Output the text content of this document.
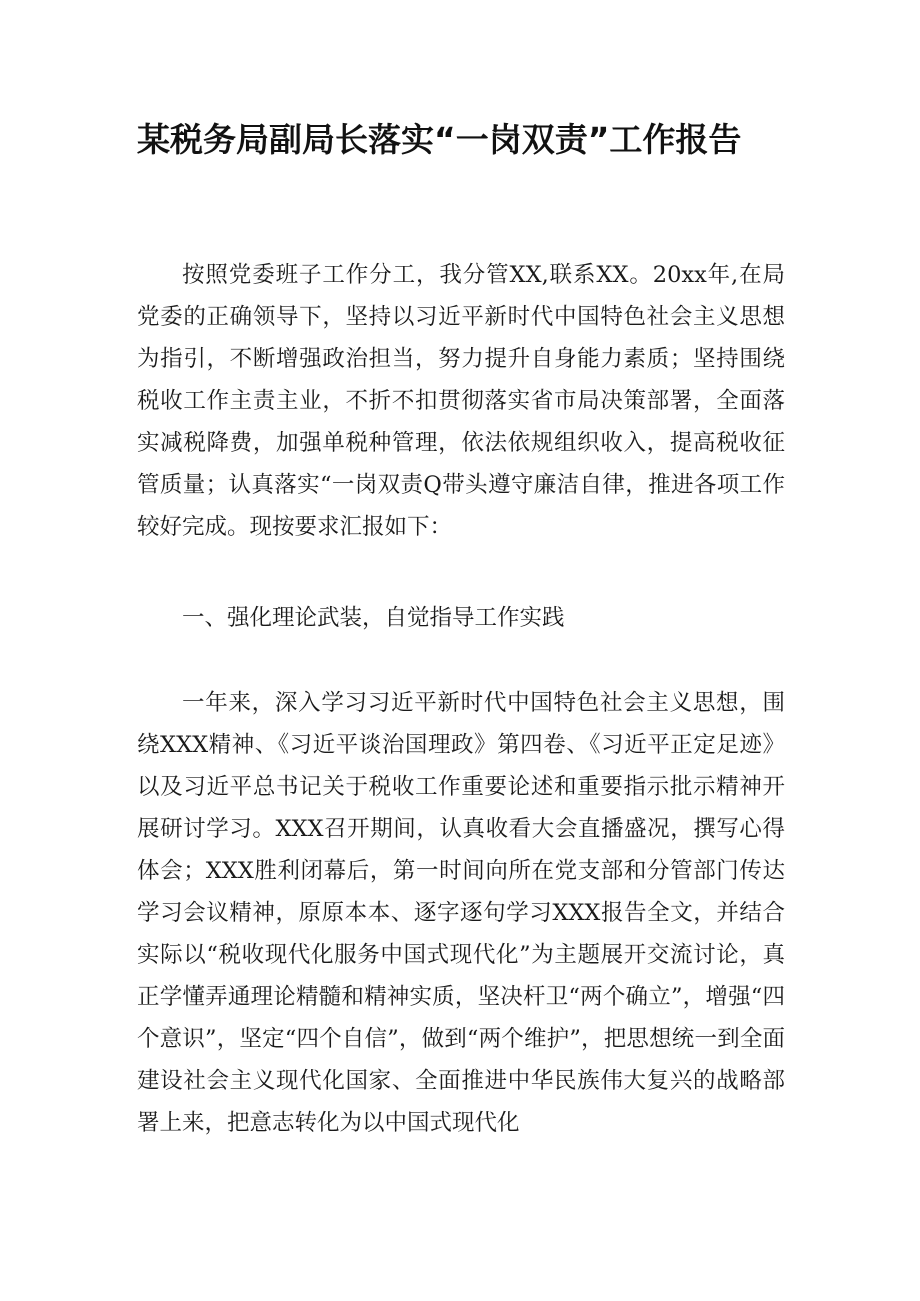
某税务局副局长落实“一岗双责”工作报告

按照党委班子工作分工，我分管XX,联系XX。20xx年,在局党委的正确领导下，坚持以习近平新时代中国特色社会主义思想为指引，不断增强政治担当，努力提升自身能力素质；坚持围绕税收工作主责主业，不折不扣贯彻落实省市局决策部署，全面落实减税降费，加强单税种管理，依法依规组织收入，提高税收征管质量；认真落实“一岗双责Q带头遵守廉洁自律，推进各项工作较好完成。现按要求汇报如下：

一、强化理论武装，自觉指导工作实践

一年来，深入学习习近平新时代中国特色社会主义思想，围绕XXX精神、《习近平谈治国理政》第四卷、《习近平正定足迹》以及习近平总书记关于税收工作重要论述和重要指示批示精神开展研讨学习。XXX召开期间，认真收看大会直播盛况，撰写心得体会；XXX胜利闭幕后，第一时间向所在党支部和分管部门传达学习会议精神，原原本本、逐字逐句学习XXX报告全文，并结合实际以“税收现代化服务中国式现代化”为主题展开交流讨论，真正学懂弄通理论精髓和精神实质，坚决杆卫“两个确立”，增强“四个意识”，坚定“四个自信”，做到“两个维护”，把思想统一到全面建设社会主义现代化国家、全面推进中华民族伟大复兴的战略部署上来，把意志转化为以中国式现代化
